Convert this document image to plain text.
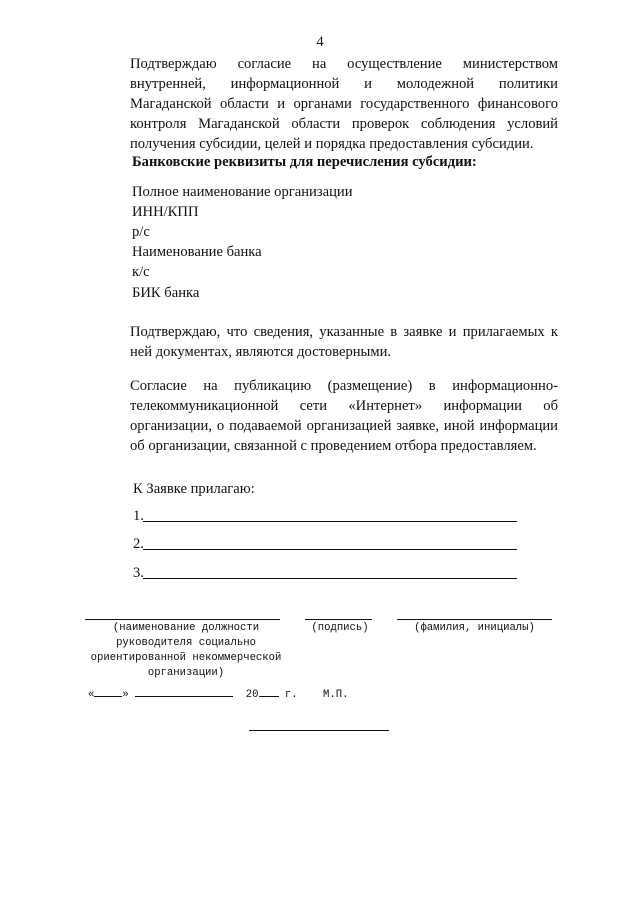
4
Подтверждаю согласие на осуществление министерством внутренней, информационной и молодежной политики Магаданской области и органами государственного финансового контроля Магаданской области проверок соблюдения условий получения субсидии, целей и порядка предоставления субсидии.
Банковские реквизиты для перечисления субсидии:
Полное наименование организации
ИНН/КПП
р/с
Наименование банка
к/с
БИК банка
Подтверждаю, что сведения, указанные в заявке и прилагаемых к ней документах, являются достоверными.
Согласие на публикацию (размещение) в информационно-телекоммуникационной сети «Интернет» информации об организации, о подаваемой организацией заявке, иной информации об организации, связанной с проведением отбора предоставляем.
К Заявке прилагаю:
1.
2.
3.
(наименование должности руководителя социально ориентированной некоммерческой организации)
(подпись)	(фамилия, инициалы)
«	»	20 г. М.П.
